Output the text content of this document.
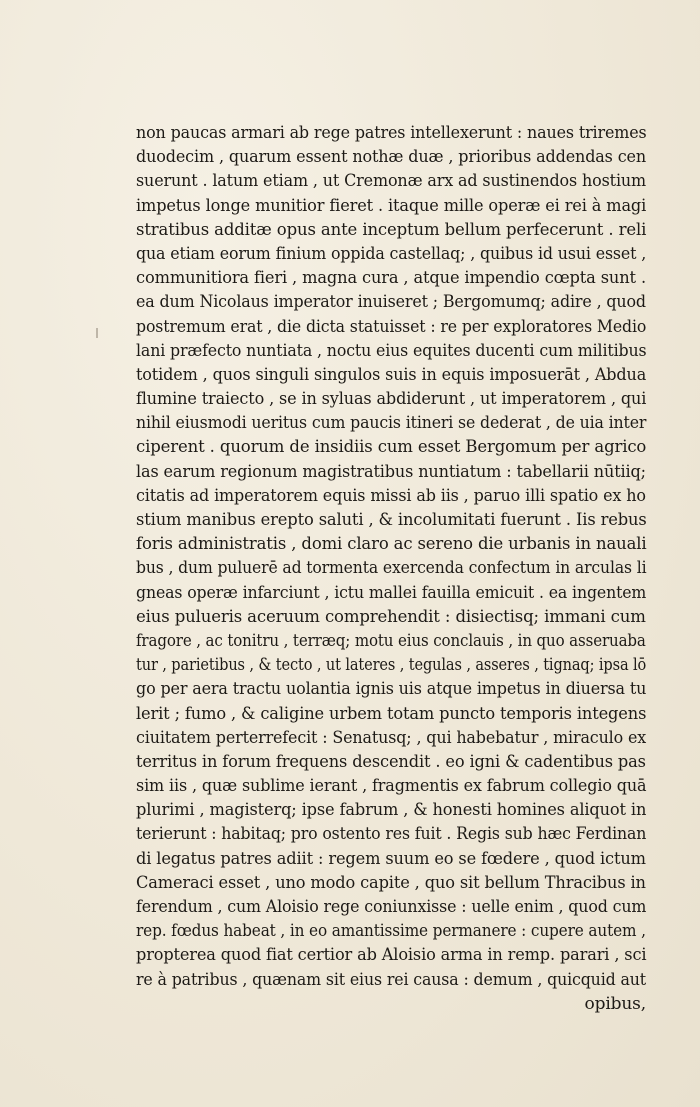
non paucas armari ab rege patres intellexerunt : naues triremes
duodecim , quarum essent nothæ duæ , prioribus addendas cen
suerunt . latum etiam , ut Cremonæ arx ad sustinendos hostium
impetus longe munitior fieret . itaque mille operæ ei rei à magi
stratibus additæ opus ante inceptum bellum perfecerunt . reli
qua etiam eorum finium oppida castellaq; , quibus id usui esset ,
communitiora fieri , magna cura , atque impendio cœpta sunt .
ea dum Nicolaus imperator inuiseret ; Bergomumq; adire , quod
postremum erat , die dicta statuisset : re per exploratores Medio
lani præfecto nuntiata , noctu eius equites ducenti cum militibus
totidem , quos singuli singulos suis in equis imposuerāt , Abdua
flumine traiecto , se in syluas abdiderunt , ut imperatorem , qui
nihil eiusmodi ueritus cum paucis itineri se dederat , de uia inter
ciperent . quorum de insidiis cum esset Bergomum per agrico
las earum regionum magistratibus nuntiatum : tabellarii nūtiiq;
citatis ad imperatorem equis missi ab iis , paruo illi spatio ex ho
stium manibus erepto saluti , & incolumitati fuerunt . Iis rebus
foris administratis , domi claro ac sereno die urbanis in nauali
bus , dum puluerē ad tormenta exercenda confectum in arculas li
gneas operæ infarciunt , ictu mallei fauilla emicuit . ea ingentem
eius pulueris aceruum comprehendit : disiectisq; immani cum
fragore , ac tonitru , terræq; motu eius conclauis , in quo asseruaba
tur , parietibus , & tecto , ut lateres , tegulas , asseres , tignaq; ipsa lō
go per aera tractu uolantia ignis uis atque impetus in diuersa tu
lerit ; fumo , & caligine urbem totam puncto temporis integens
ciuitatem perterrefecit : Senatusq; , qui habebatur , miraculo ex
territus in forum frequens descendit . eo igni & cadentibus pas
sim iis , quæ sublime ierant , fragmentis ex fabrum collegio quā
plurimi , magisterq; ipse fabrum , & honesti homines aliquot in
terierunt : habitaq; pro ostento res fuit . Regis sub hæc Ferdinan
di legatus patres adiit : regem suum eo se fœdere , quod ictum
Cameraci esset , uno modo capite , quo sit bellum Thracibus in
ferendum , cum Aloisio rege coniunxisse : uelle enim , quod cum
rep. fœdus habeat , in eo amantissime permanere : cupere autem ,
propterea quod fiat certior ab Aloisio arma in remp. parari , sci
re à patribus , quænam sit eius rei causa : demum , quicquid aut
opibus,
